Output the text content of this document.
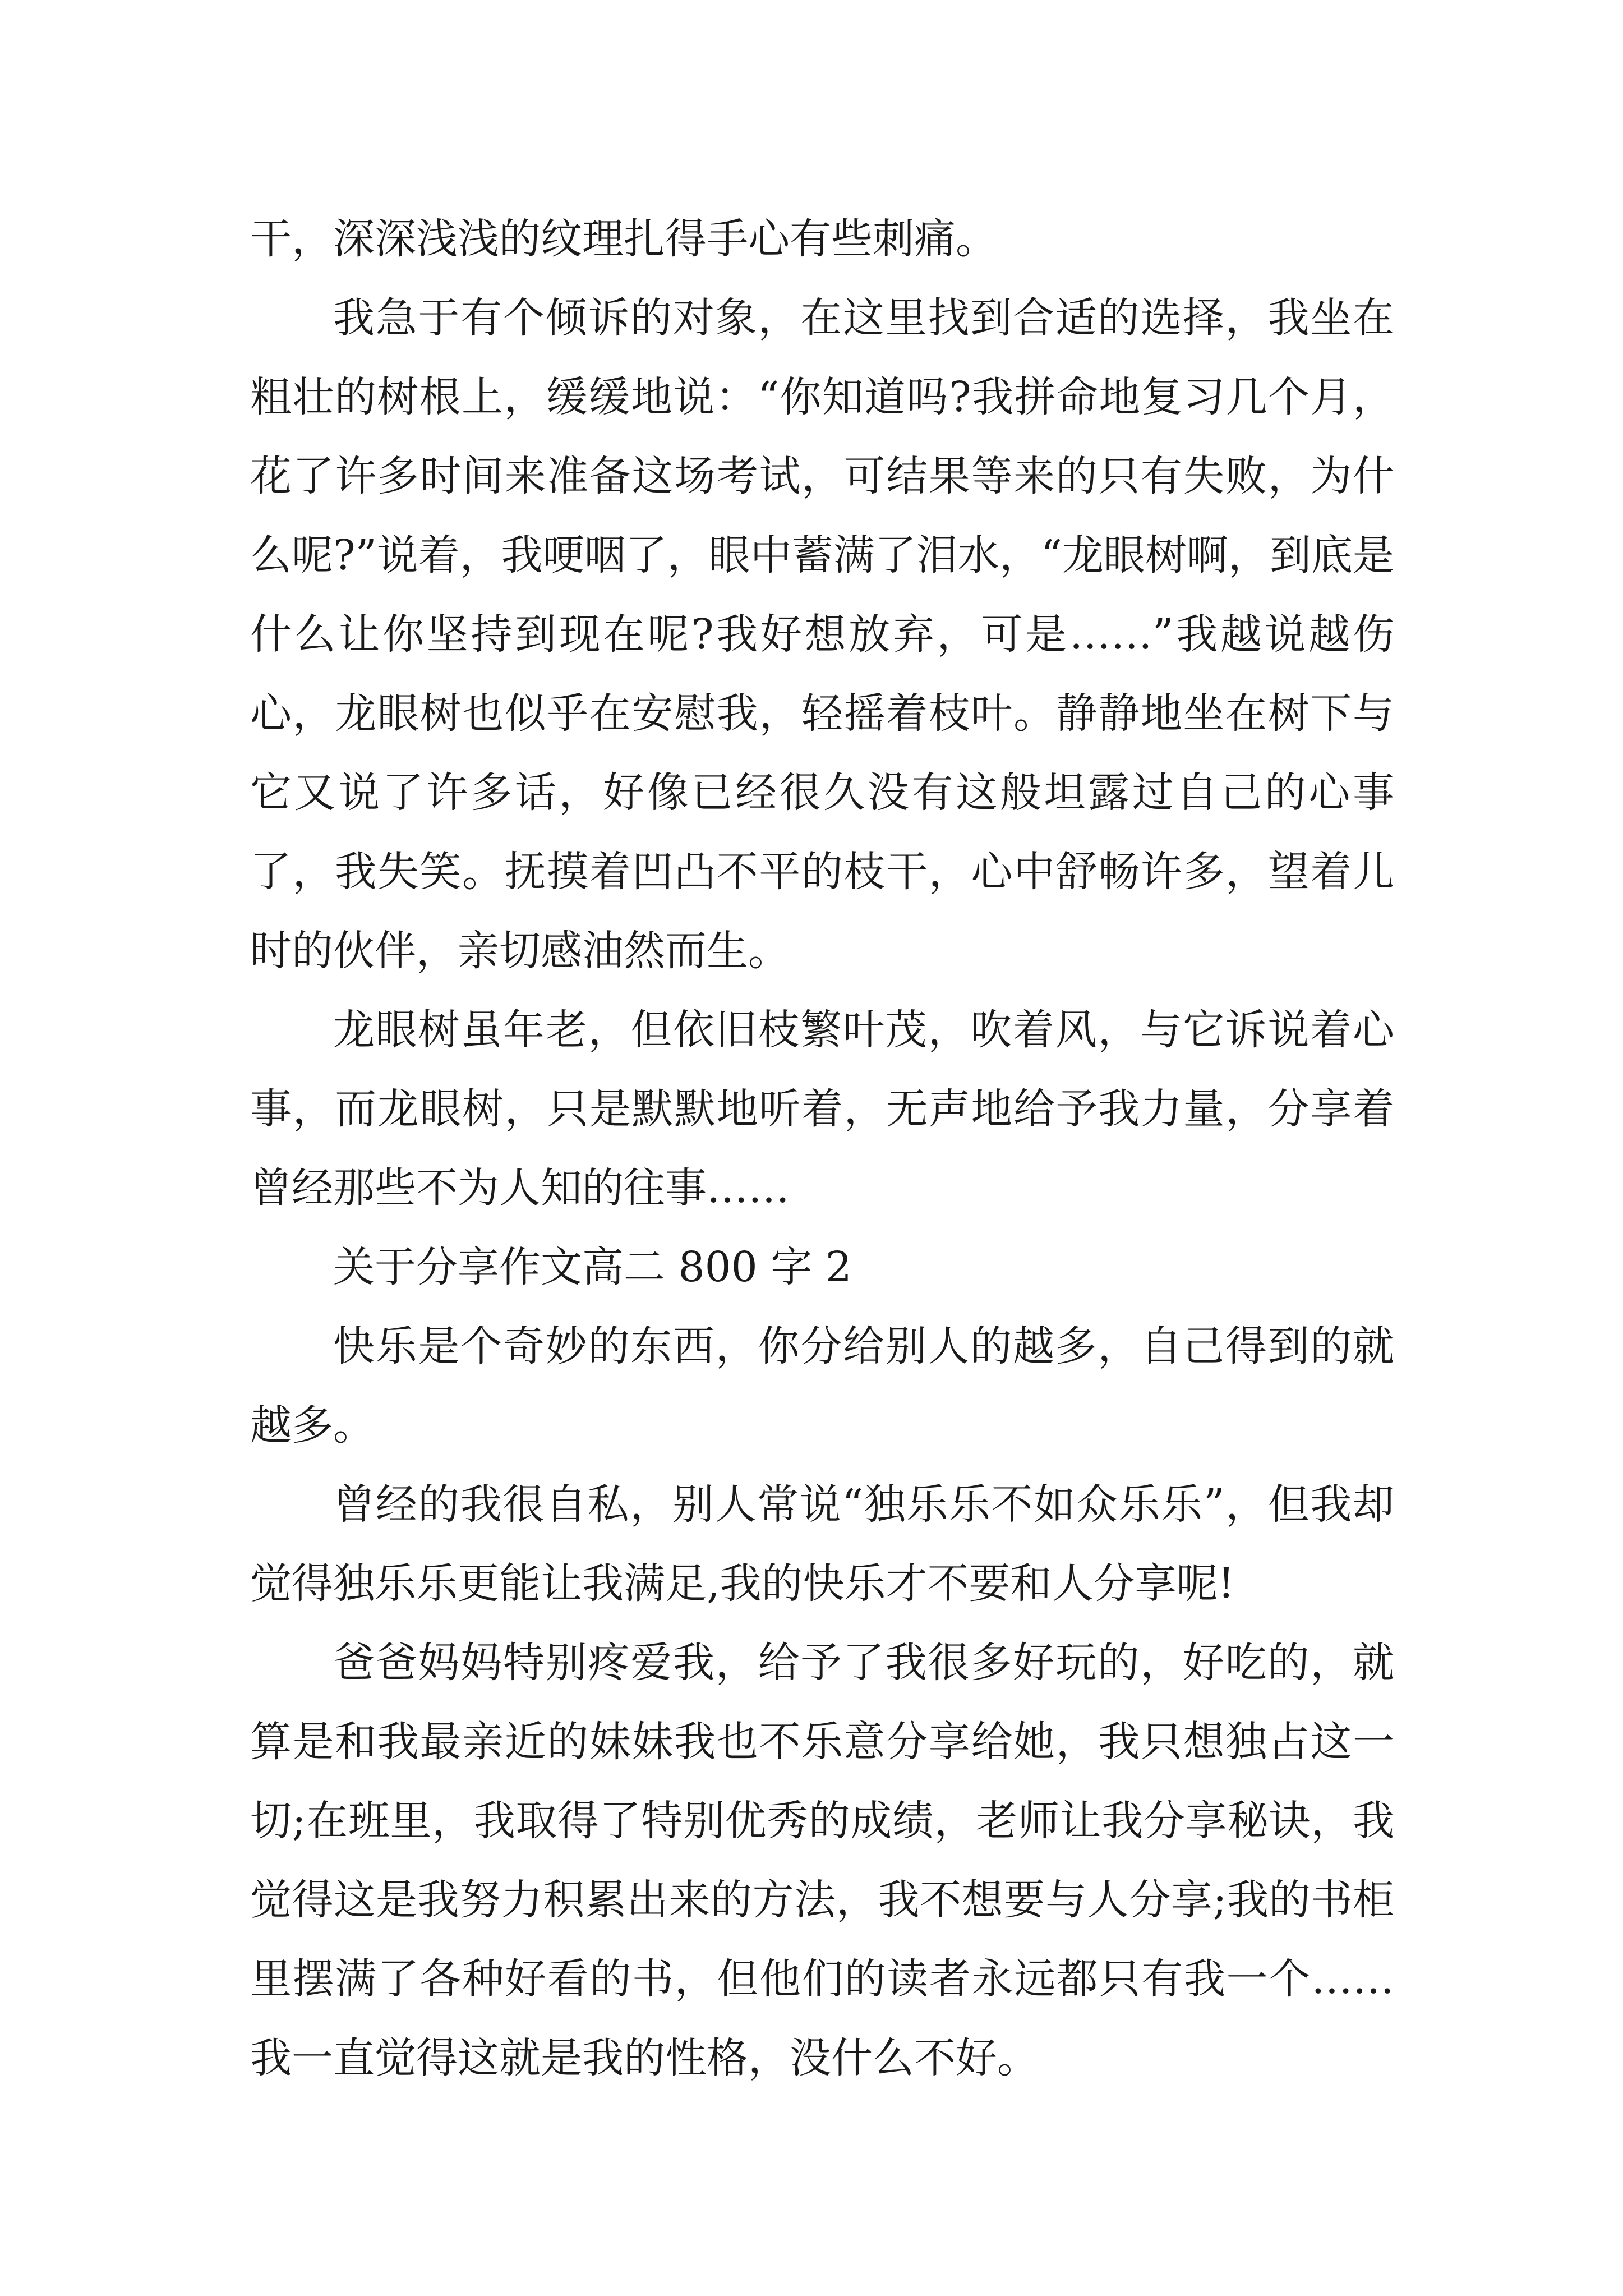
干，深深浅浅的纹理扎得手心有些刺痛。

我急于有个倾诉的对象，在这里找到合适的选择，我坐在粗壮的树根上，缓缓地说：“你知道吗?我拼命地复习几个月，花了许多时间来准备这场考试，可结果等来的只有失败，为什么呢?”说着，我哽咽了，眼中蓄满了泪水，“龙眼树啊，到底是什么让你坚持到现在呢?我好想放弃，可是……”我越说越伤心，龙眼树也似乎在安慰我，轻摇着枝叶。静静地坐在树下与它又说了许多话，好像已经很久没有这般坦露过自己的心事了，我失笑。抚摸着凹凸不平的枝干，心中舒畅许多，望着儿时的伙伴，亲切感油然而生。

龙眼树虽年老，但依旧枝繁叶茂，吹着风，与它诉说着心事，而龙眼树，只是默默地听着，无声地给予我力量，分享着曾经那些不为人知的往事……

关于分享作文高二 800 字 2

快乐是个奇妙的东西，你分给别人的越多，自己得到的就越多。

曾经的我很自私，别人常说“独乐乐不如众乐乐”，但我却觉得独乐乐更能让我满足,我的快乐才不要和人分享呢!

爸爸妈妈特别疼爱我，给予了我很多好玩的，好吃的，就算是和我最亲近的妹妹我也不乐意分享给她，我只想独占这一切;在班里，我取得了特别优秀的成绩，老师让我分享秘诀，我觉得这是我努力积累出来的方法，我不想要与人分享;我的书柜里摆满了各种好看的书，但他们的读者永远都只有我一个……我一直觉得这就是我的性格，没什么不好。
